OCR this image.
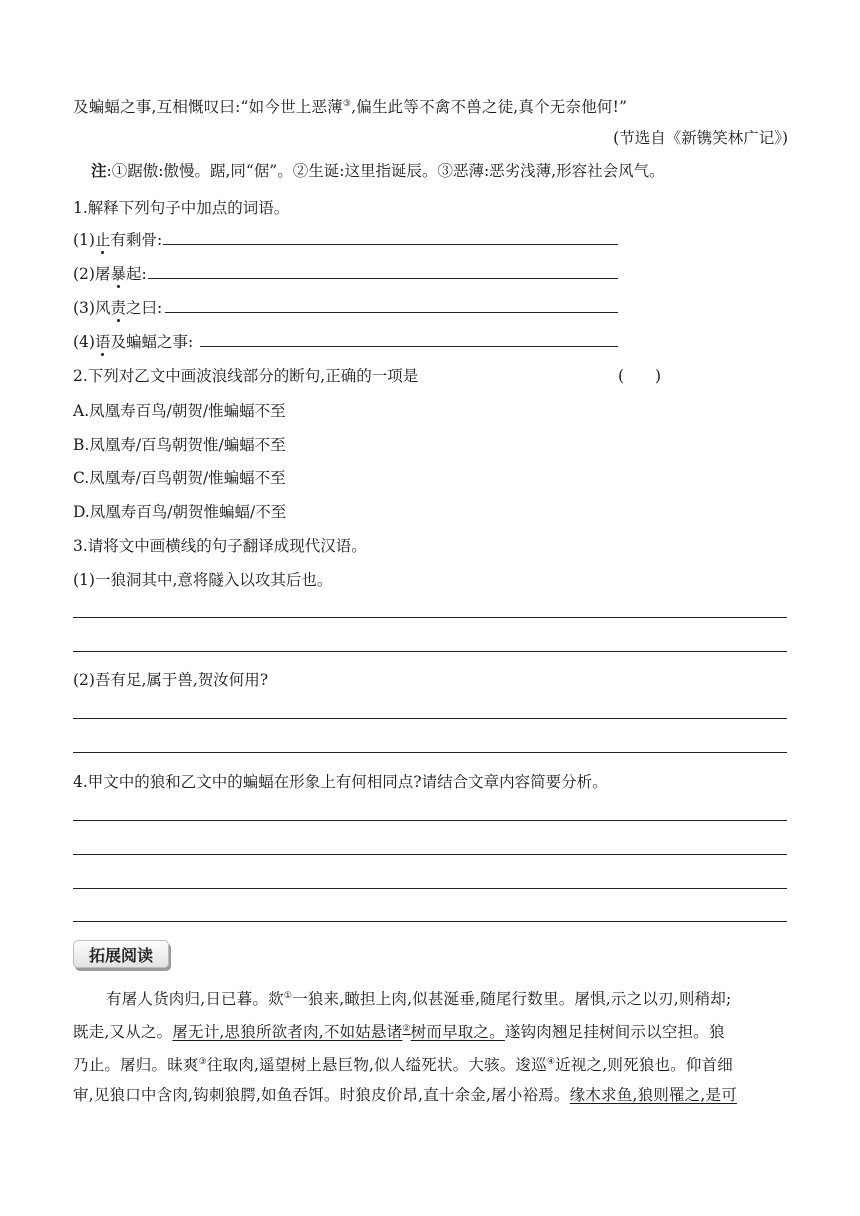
及蝙蝠之事,互相慨叹曰:“如今世上恶薄③,偏生此等不禽不兽之徒,真个无奈他何!”
(节选自《新镌笑林广记》)
注:①踞傲:傲慢。踞,同“倨”。②生诞:这里指诞辰。③恶薄:恶劣浅薄,形容社会风气。
1.解释下列句子中加点的词语。
(1)止有剩骨:
(2)屠暴起:
(3)风责之曰:
(4)语及蝙蝠之事:
2.下列对乙文中画波浪线部分的断句,正确的一项是	(　　)
A.凤凰寿百鸟/朝贺/惟蝙蝠不至
B.凤凰寿/百鸟朝贺惟/蝙蝠不至
C.凤凰寿/百鸟朝贺/惟蝙蝠不至
D.凤凰寿百鸟/朝贺惟蝙蝠/不至
3.请将文中画横线的句子翻译成现代汉语。
(1)一狼洞其中,意将隧入以攻其后也。
(2)吾有足,属于兽,贺汝何用?
4.甲文中的狼和乙文中的蝙蝠在形象上有何相同点?请结合文章内容简要分析。
拓展阅读
有屠人货肉归,日已暮。欻①一狼来,瞰担上肉,似甚涎垂,随尾行数里。屠惧,示之以刃,则稍却;
既走,又从之。屠无计,思狼所欲者肉,不如姑悬诸②树而早取之。遂钩肉翘足挂树间示以空担。狼
乃止。屠归。昧爽③往取肉,遥望树上悬巨物,似人缢死状。大骇。逡巡④近视之,则死狼也。仰首细
审,见狼口中含肉,钩刺狼腭,如鱼吞饵。时狼皮价昂,直十余金,屠小裕焉。缘木求鱼,狼则罹之,是可
